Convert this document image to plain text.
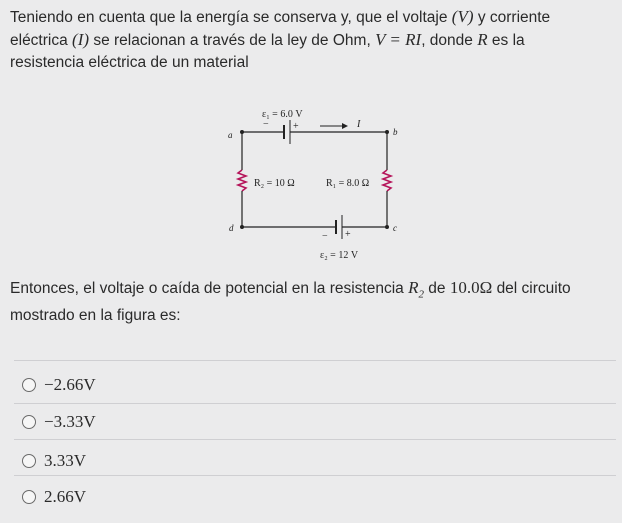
Teniendo en cuenta que la energía se conserva y, que el voltaje (V) y corriente
eléctrica (I) se relacionan a través de la ley de Ohm, V = RI, donde R es la
resistencia eléctrica de un material
− +
ε₁ = 6.0 V
I
a	b
R₂ = 10 Ω	R₁ = 8.0 Ω
− +
ε₂ = 12 V
d	c
Entonces, el voltaje o caída de potencial en la resistencia $R_2$ de 10.0Ω del circuito
mostrado en la figura es:
−2.66V
−3.33V
3.33V
2.66V
